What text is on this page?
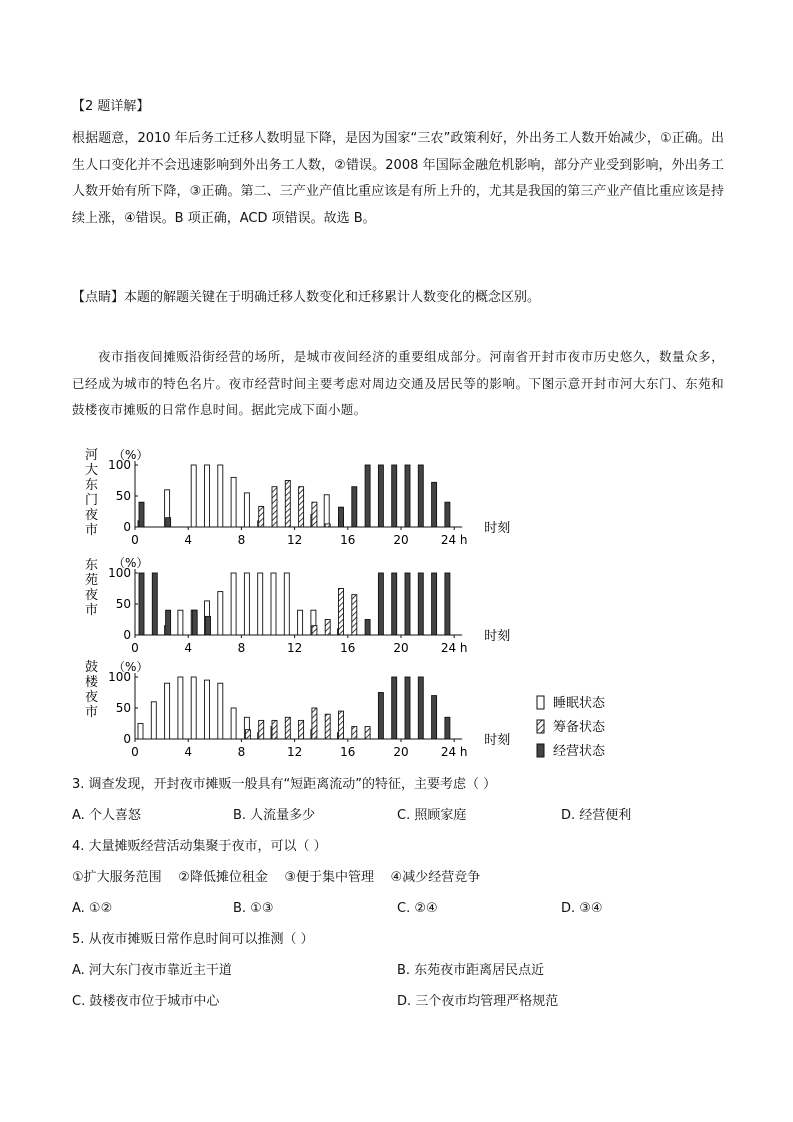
【2 题详解】

根据题意，2010 年后务工迁移人数明显下降，是因为国家“三农”政策利好，外出务工人数开始减少，①正确。出生人口变化并不会迅速影响到外出务工人数，②错误。2008 年国际金融危机影响，部分产业受到影响，外出务工人数开始有所下降，③正确。第二、三产业产值比重应该是有所上升的，尤其是我国的第三产业产值比重应该是持续上涨，④错误。B 项正确，ACD 项错误。故选 B。

【点睛】本题的解题关键在于明确迁移人数变化和迁移累计人数变化的概念区别。

夜市指夜间摊贩沿街经营的场所，是城市夜间经济的重要组成部分。河南省开封市夜市历史悠久，数量众多，已经成为城市的特色名片。夜市经营时间主要考虑对周边交通及居民等的影响。下图示意开封市河大东门、东苑和鼓楼夜市摊贩的日常作息时间。据此完成下面小题。

河大东门夜市
（%）
0
50
100
0	4	8	12	16	20	24 h
时刻
东苑夜市
（%）
0
50
100
0	4	8	12	16	20	24 h
时刻
鼓楼夜市
（%）
0
50
100
0	4	8	12	16	20	24 h
时刻
睡眠状态
筹备状态
经营状态

3. 调查发现，开封夜市摊贩一般具有“短距离流动”的特征，主要考虑（ ）

A. 个人喜怒	B. 人流量多少	C. 照顾家庭	D. 经营便利

4. 大量摊贩经营活动集聚于夜市，可以（ ）

①扩大服务范围    ②降低摊位租金    ③便于集中管理    ④减少经营竞争

A. ①②	B. ①③	C. ②④	D. ③④

5. 从夜市摊贩日常作息时间可以推测（ ）

A. 河大东门夜市靠近主干道	B. 东苑夜市距离居民点近
C. 鼓楼夜市位于城市中心	D. 三个夜市均管理严格规范
